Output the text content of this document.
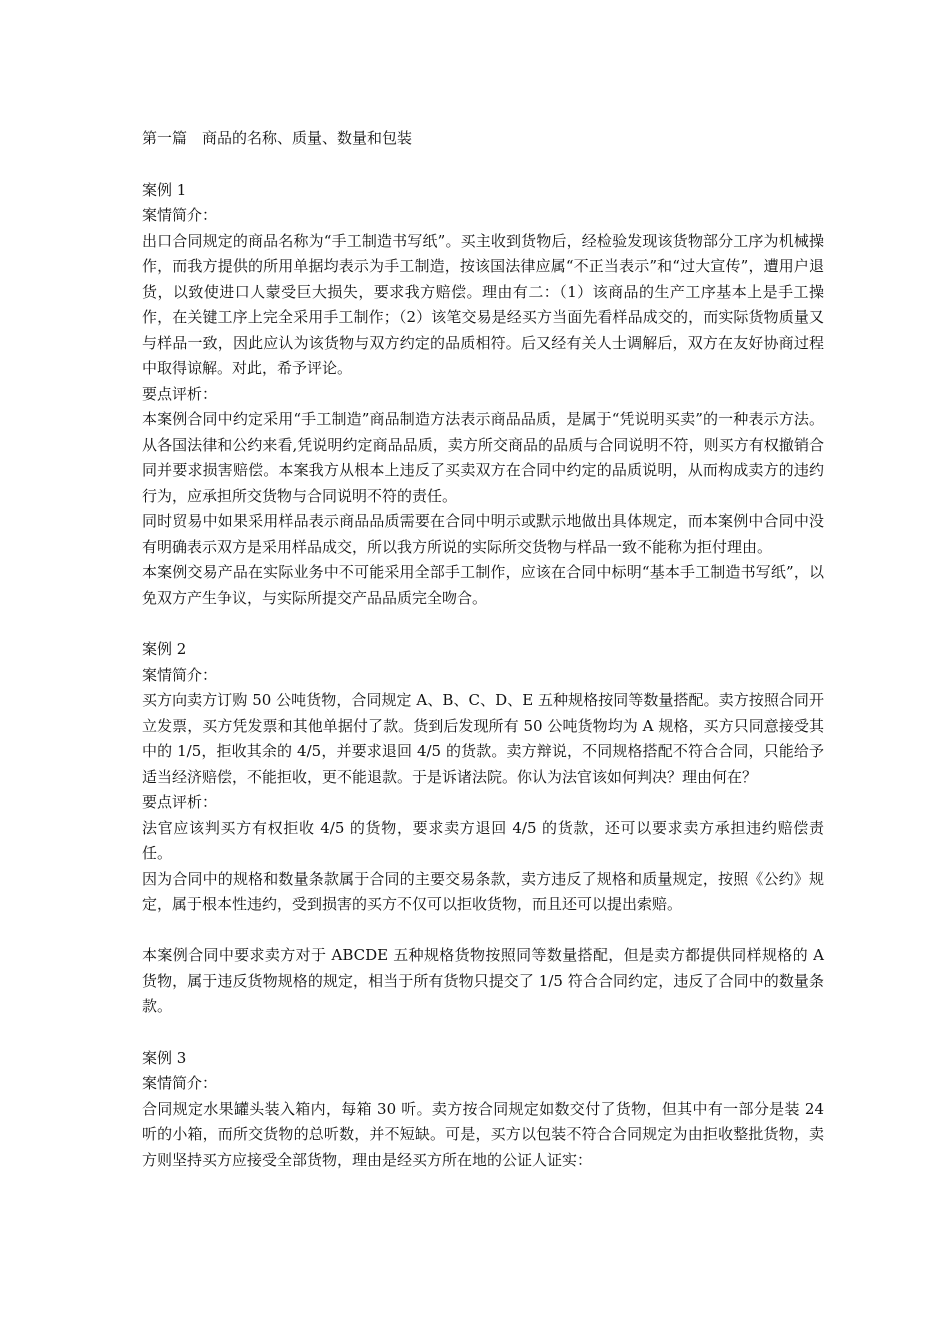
第一篇　商品的名称、质量、数量和包装
案例 1
案情简介：

出口合同规定的商品名称为“手工制造书写纸”。买主收到货物后，经检验发现该货物部分工序为机械操作，而我方提供的所用单据均表示为手工制造，按该国法律应属“不正当表示”和“过大宣传”，遭用户退货，以致使进口人蒙受巨大损失，要求我方赔偿。理由有二：（1）该商品的生产工序基本上是手工操作，在关键工序上完全采用手工制作；（2）该笔交易是经买方当面先看样品成交的，而实际货物质量又与样品一致，因此应认为该货物与双方约定的品质相符。后又经有关人士调解后，双方在友好协商过程中取得谅解。对此，希予评论。

要点评析：

本案例合同中约定采用“手工制造”商品制造方法表示商品品质，是属于“凭说明买卖”的一种表示方法。从各国法律和公约来看,凭说明约定商品品质，卖方所交商品的品质与合同说明不符，则买方有权撤销合同并要求损害赔偿。本案我方从根本上违反了买卖双方在合同中约定的品质说明，从而构成卖方的违约行为，应承担所交货物与合同说明不符的责任。

同时贸易中如果采用样品表示商品品质需要在合同中明示或默示地做出具体规定，而本案例中合同中没有明确表示双方是采用样品成交，所以我方所说的实际所交货物与样品一致不能称为拒付理由。

本案例交易产品在实际业务中不可能采用全部手工制作，应该在合同中标明“基本手工制造书写纸”，以免双方产生争议，与实际所提交产品品质完全吻合。

案例 2
案情简介：

买方向卖方订购 50 公吨货物，合同规定 A、B、C、D、E 五种规格按同等数量搭配。卖方按照合同开立发票，买方凭发票和其他单据付了款。货到后发现所有 50 公吨货物均为 A 规格，买方只同意接受其中的 1/5，拒收其余的 4/5，并要求退回 4/5 的货款。卖方辩说，不同规格搭配不符合合同，只能给予适当经济赔偿，不能拒收，更不能退款。于是诉诸法院。你认为法官该如何判决？理由何在？

要点评析：

法官应该判买方有权拒收 4/5 的货物，要求卖方退回 4/5 的货款，还可以要求卖方承担违约赔偿责任。

因为合同中的规格和数量条款属于合同的主要交易条款，卖方违反了规格和质量规定，按照《公约》规定，属于根本性违约，受到损害的买方不仅可以拒收货物，而且还可以提出索赔。

本案例合同中要求卖方对于 ABCDE 五种规格货物按照同等数量搭配，但是卖方都提供同样规格的 A 货物，属于违反货物规格的规定，相当于所有货物只提交了 1/5 符合合同约定，违反了合同中的数量条款。

案例 3
案情简介：

合同规定水果罐头装入箱内，每箱 30 听。卖方按合同规定如数交付了货物，但其中有一部分是装 24 听的小箱，而所交货物的总听数，并不短缺。可是，买方以包装不符合合同规定为由拒收整批货物，卖方则坚持买方应接受全部货物，理由是经买方所在地的公证人证实：
